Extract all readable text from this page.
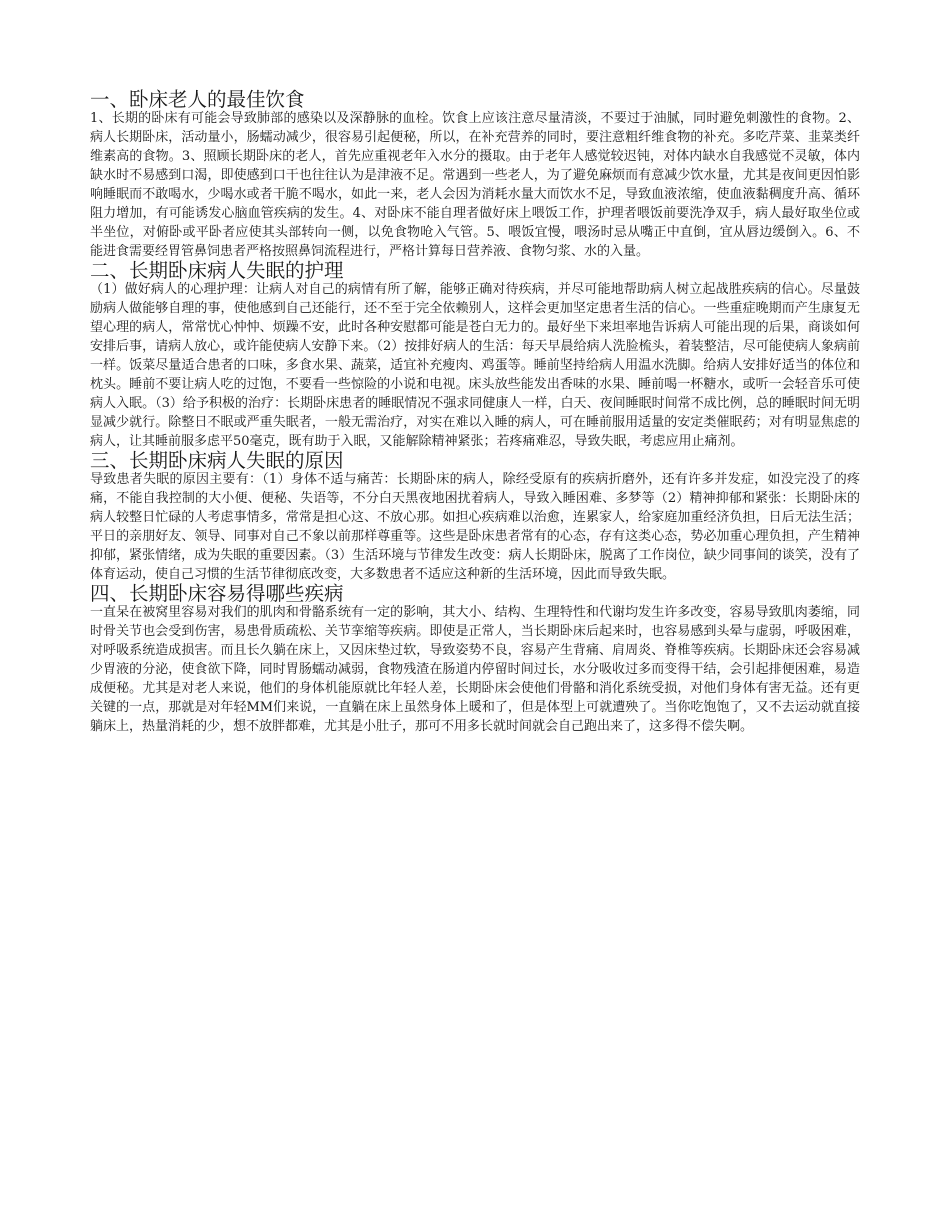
一、卧床老人的最佳饮食

1、长期的卧床有可能会导致肺部的感染以及深静脉的血栓。饮食上应该注意尽量清淡，不要过于油腻，同时避免刺激性的食物。2、病人长期卧床，活动量小，肠蠕动减少，很容易引起便秘，所以，在补充营养的同时，要注意粗纤维食物的补充。多吃芹菜、韭菜类纤维素高的食物。3、照顾长期卧床的老人，首先应重视老年入水分的摄取。由于老年人感觉较迟钝，对体内缺水自我感觉不灵敏，体内缺水时不易感到口渴，即使感到口干也往往认为是津液不足。常遇到一些老人，为了避免麻烦而有意减少饮水量，尤其是夜间更因怕影响睡眠而不敢喝水，少喝水或者干脆不喝水，如此一来，老人会因为消耗水量大而饮水不足，导致血液浓缩，使血液黏稠度升高、循环阻力增加，有可能诱发心脑血管疾病的发生。4、对卧床不能自理者做好床上喂饭工作，护理者喂饭前要洗净双手，病人最好取坐位或半坐位，对俯卧或平卧者应使其头部转向一侧，以免食物呛入气管。5、喂饭宜慢，喂汤时忌从嘴正中直倒，宜从唇边缓倒入。6、不能进食需要经胃管鼻饲患者严格按照鼻饲流程进行，严格计算每日营养液、食物匀浆、水的入量。

二、长期卧床病人失眠的护理

（1）做好病人的心理护理：让病人对自己的病情有所了解，能够正确对待疾病，并尽可能地帮助病人树立起战胜疾病的信心。尽量鼓励病人做能够自理的事，使他感到自己还能行，还不至于完全依赖别人，这样会更加坚定患者生活的信心。一些重症晚期而产生康复无望心理的病人，常常忧心忡忡、烦躁不安，此时各种安慰都可能是苍白无力的。最好坐下来坦率地告诉病人可能出现的后果，商谈如何安排后事，请病人放心，或许能使病人安静下来。（2）按排好病人的生活：每天早晨给病人洗脸梳头，着装整洁，尽可能使病人象病前一样。饭菜尽量适合患者的口味，多食水果、蔬菜，适宜补充瘦肉、鸡蛋等。睡前坚持给病人用温水洗脚。给病人安排好适当的体位和枕头。睡前不要让病人吃的过饱，不要看一些惊险的小说和电视。床头放些能发出香味的水果、睡前喝一杯糖水，或听一会轻音乐可使病人入眠。（3）给予积极的治疗：长期卧床患者的睡眠情况不强求同健康人一样，白天、夜间睡眠时间常不成比例，总的睡眠时间无明显减少就行。除整日不眠或严重失眠者，一般无需治疗，对实在难以入睡的病人，可在睡前服用适量的安定类催眠药；对有明显焦虑的病人，让其睡前服多虑平50毫克，既有助于入眠，又能解除精神紧张；若疼痛难忍，导致失眠，考虑应用止痛剂。

三、长期卧床病人失眠的原因

导致患者失眠的原因主要有：（1）身体不适与痛苦：长期卧床的病人，除经受原有的疾病折磨外，还有许多并发症，如没完没了的疼痛，不能自我控制的大小便、便秘、失语等，不分白天黑夜地困扰着病人，导致入睡困难、多梦等（2）精神抑郁和紧张：长期卧床的病人较整日忙碌的人考虑事情多，常常是担心这、不放心那。如担心疾病难以治愈，连累家人，给家庭加重经济负担，日后无法生活；平日的亲朋好友、领导、同事对自己不象以前那样尊重等。这些是卧床患者常有的心态，存有这类心态，势必加重心理负担，产生精神抑郁，紧张情绪，成为失眠的重要因素。（3）生活环境与节律发生改变：病人长期卧床，脱离了工作岗位，缺少同事间的谈笑，没有了体育运动，使自己习惯的生活节律彻底改变，大多数患者不适应这种新的生活环境，因此而导致失眠。

四、长期卧床容易得哪些疾病

一直呆在被窝里容易对我们的肌肉和骨骼系统有一定的影响，其大小、结构、生理特性和代谢均发生许多改变，容易导致肌肉萎缩，同时骨关节也会受到伤害，易患骨质疏松、关节挛缩等疾病。即使是正常人，当长期卧床后起来时，也容易感到头晕与虚弱，呼吸困难，对呼吸系统造成损害。而且长久躺在床上，又因床垫过软，导致姿势不良，容易产生背痛、肩周炎、脊椎等疾病。长期卧床还会容易减少胃液的分泌，使食欲下降，同时胃肠蠕动减弱，食物残渣在肠道内停留时间过长，水分吸收过多而变得干结，会引起排便困难，易造成便秘。尤其是对老人来说，他们的身体机能原就比年轻人差，长期卧床会使他们骨骼和消化系统受损，对他们身体有害无益。还有更关键的一点，那就是对年轻MM们来说，一直躺在床上虽然身体上暖和了，但是体型上可就遭殃了。当你吃饱饱了，又不去运动就直接躺床上，热量消耗的少，想不放胖都难，尤其是小肚子，那可不用多长就时间就会自己跑出来了，这多得不偿失啊。
